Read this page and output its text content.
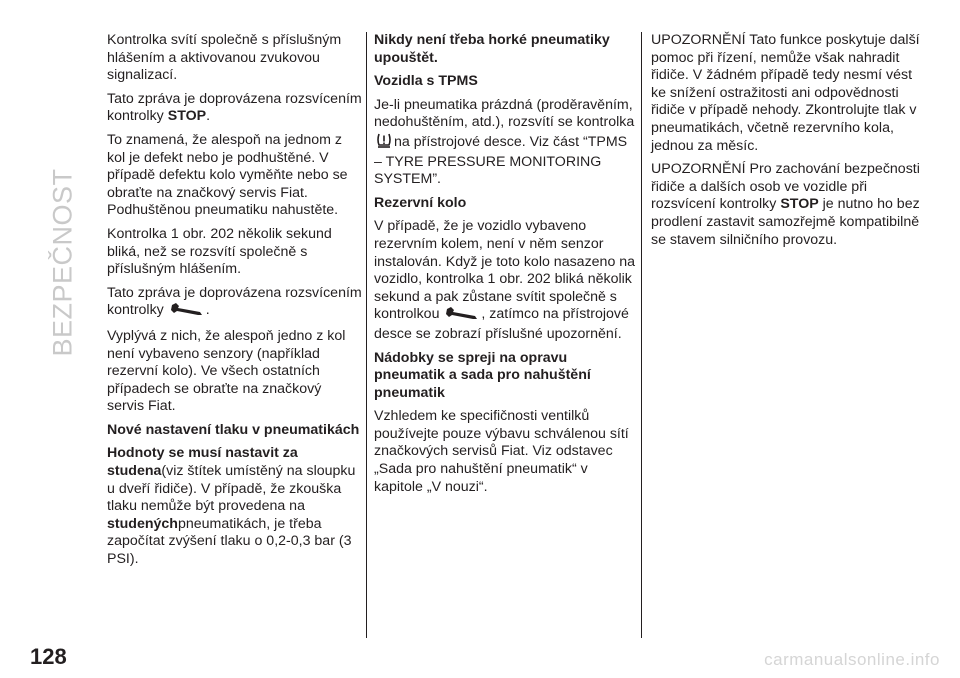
BEZPEČNOST

Kontrolka svítí společně s příslušným hlášením a aktivovanou zvukovou signalizací.

Tato zpráva je doprovázena rozsvícením kontrolky STOP.

To znamená, že alespoň na jednom z kol je defekt nebo je podhuštěné. V případě defektu kolo vyměňte nebo se obraťte na značkový servis Fiat. Podhuštěnou pneumatiku nahustěte.

Kontrolka 1 obr. 202 několik sekund bliká, než se rozsvítí společně s příslušným hlášením.

Tato zpráva je doprovázena rozsvícením kontrolky	.

Vyplývá z nich, že alespoň jedno z kol není vybaveno senzory (například rezervní kolo). Ve všech ostatních případech se obraťte na značkový servis Fiat.

Nové nastavení tlaku v pneumatikách

Hodnoty se musí nastavit za studena(viz štítek umístěný na sloupku u dveří řidiče). V případě, že zkouška tlaku nemůže být provedena na studenýchpneumatikách, je třeba započítat zvýšení tlaku o 0,2-0,3 bar (3 PSI).

Nikdy není třeba horké pneumatiky upouštět.
Vozidla s TPMS

Je-li pneumatika prázdná (proděravěním, nedohuštěním, atd.), rozsvítí se kontrolka na přístrojové desce. Viz část “TPMS – TYRE PRESSURE MONITORING SYSTEM”.

Rezervní kolo

V případě, že je vozidlo vybaveno rezervním kolem, není v něm senzor instalován. Když je toto kolo nasazeno na vozidlo, kontrolka 1 obr. 202 bliká několik sekund a pak zůstane svítit společně s kontrolkou	, zatímco na přístrojové desce se zobrazí příslušné upozornění.

Nádobky se spreji na opravu pneumatik a sada pro nahuštění pneumatik

Vzhledem ke specifičnosti ventilků používejte pouze výbavu schválenou sítí značkových servisů Fiat. Viz odstavec „Sada pro nahuštění pneumatik“ v kapitole „V nouzi“.

UPOZORNĚNÍ Tato funkce poskytuje další pomoc při řízení, nemůže však nahradit řidiče. V žádném případě tedy nesmí vést ke snížení ostražitosti ani odpovědnosti řidiče v případě nehody. Zkontrolujte tlak v pneumatikách, včetně rezervního kola, jednou za měsíc.

UPOZORNĚNÍ Pro zachování bezpečnosti řidiče a dalších osob ve vozidle při rozsvícení kontrolky STOP je nutno ho bez prodlení zastavit samozřejmě kompatibilně se stavem silničního provozu.

128	carmanualsonline.info
